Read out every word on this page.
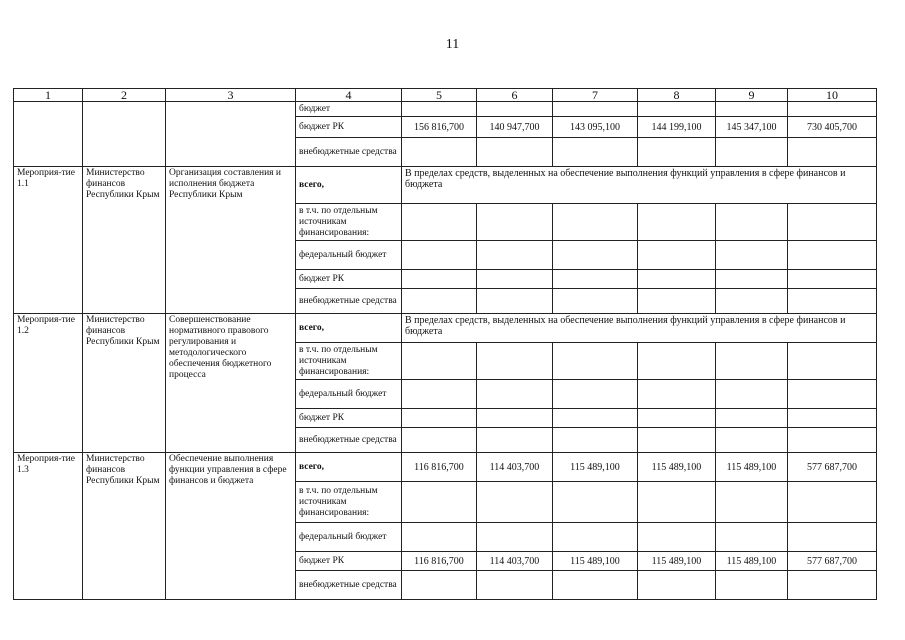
11
1	2	3	4	5	6	7	8	9	10
			бюджет						
			бюджет РК	156 816,700	140 947,700	143 095,100	144 199,100	145 347,100	730 405,700
			внебюджетные средства						
Мероприя-тие 1.1	Министерство финансов Республики Крым	Организация составления и исполнения бюджета Республики Крым	всего,	В пределах средств, выделенных на обеспечение выполнения функций управления в сфере финансов и бюджета					
			в т.ч. по отдельным источникам финансирования:						
			федеральный бюджет						
			бюджет РК						
			внебюджетные средства						
Мероприя-тие 1.2	Министерство финансов Республики Крым	Совершенствование нормативного правового регулирования и методологического обеспечения бюджетного процесса	всего,	В пределах средств, выделенных на обеспечение выполнения функций управления в сфере финансов и бюджета					
			в т.ч. по отдельным источникам финансирования:						
			федеральный бюджет						
			бюджет РК						
			внебюджетные средства						
Мероприя-тие 1.3	Министерство финансов Республики Крым	Обеспечение выполнения функции управления в сфере финансов и бюджета	всего,	116 816,700	114 403,700	115 489,100	115 489,100	115 489,100	577 687,700
			в т.ч. по отдельным источникам финансирования:						
			федеральный бюджет						
			бюджет РК	116 816,700	114 403,700	115 489,100	115 489,100	115 489,100	577 687,700
			внебюджетные средства						
